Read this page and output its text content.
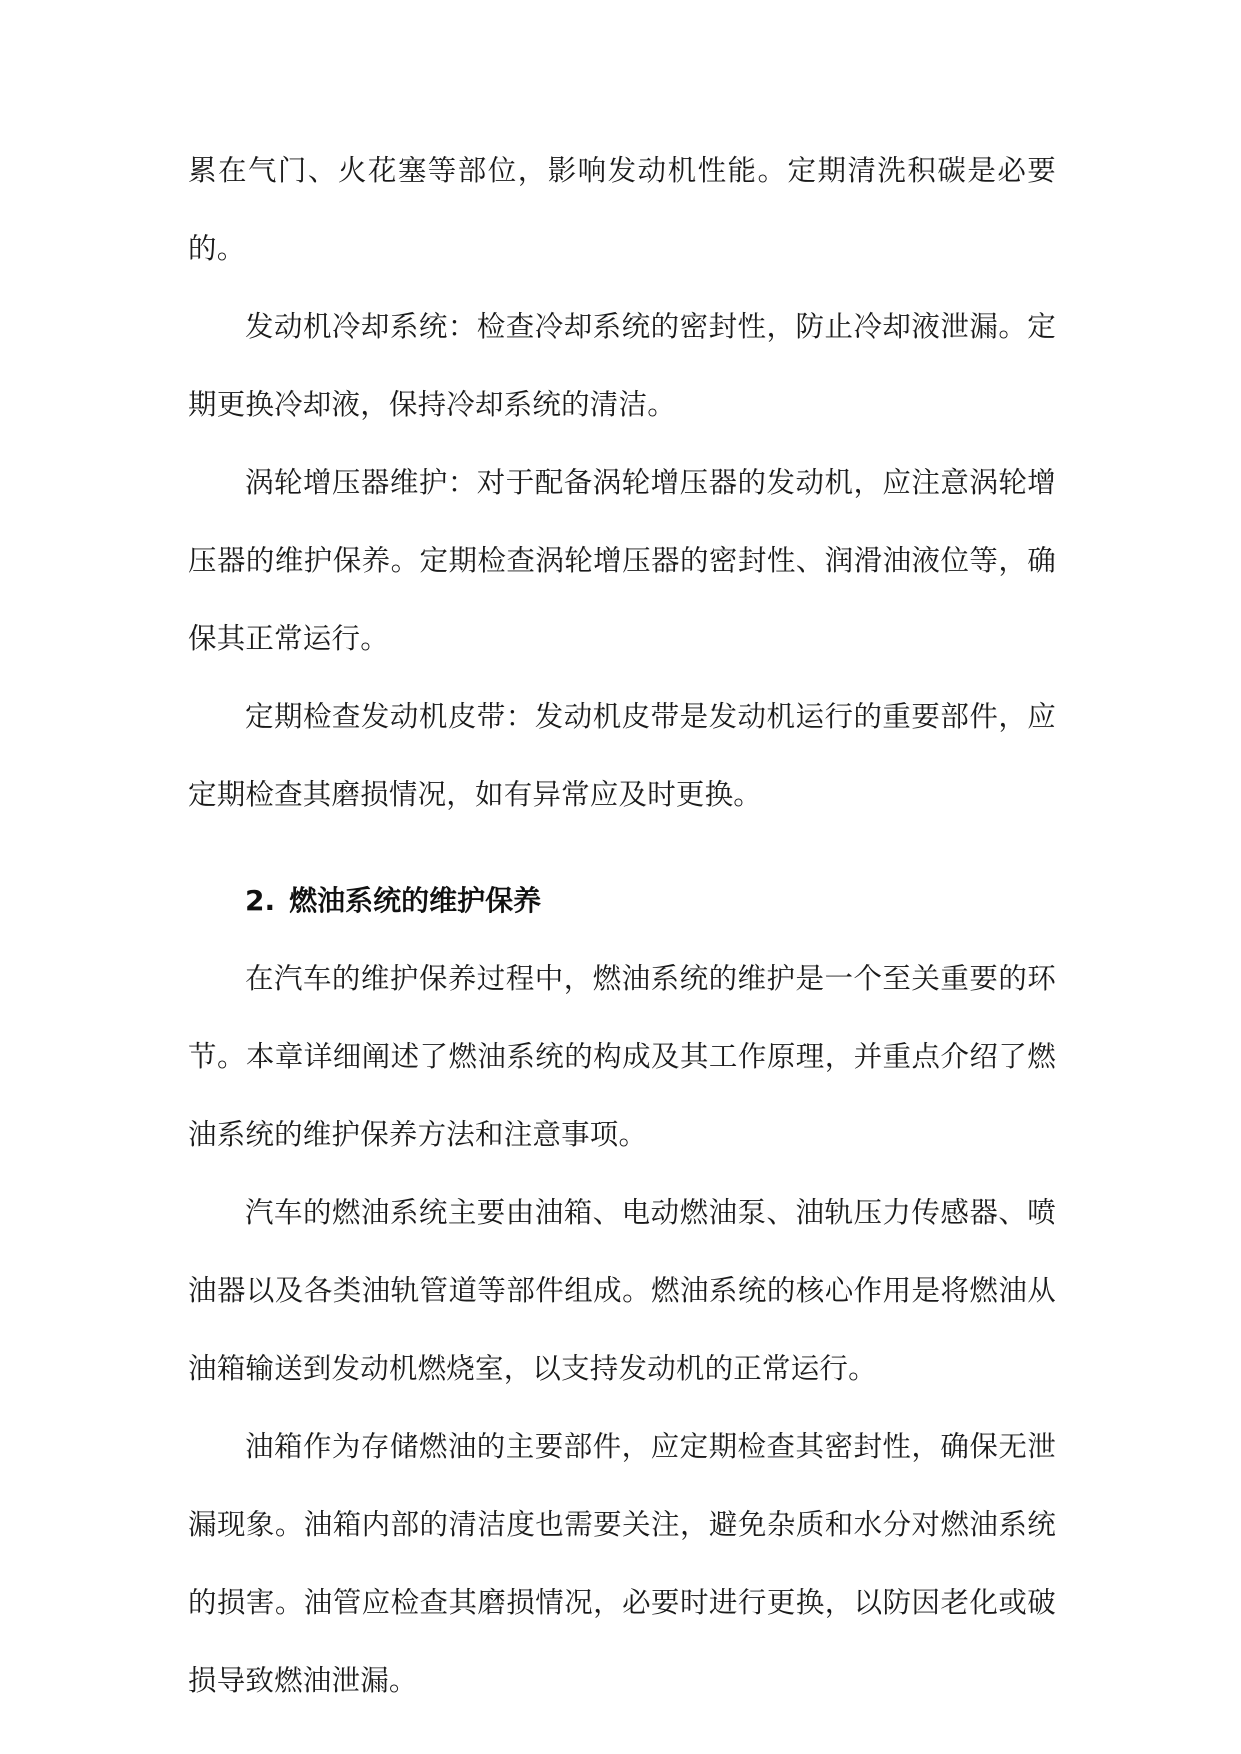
累在气门、火花塞等部位，影响发动机性能。定期清洗积碳是必要的。

发动机冷却系统：检查冷却系统的密封性，防止冷却液泄漏。定期更换冷却液，保持冷却系统的清洁。

涡轮增压器维护：对于配备涡轮增压器的发动机，应注意涡轮增压器的维护保养。定期检查涡轮增压器的密封性、润滑油液位等，确保其正常运行。

定期检查发动机皮带：发动机皮带是发动机运行的重要部件，应定期检查其磨损情况，如有异常应及时更换。

2. 燃油系统的维护保养

在汽车的维护保养过程中，燃油系统的维护是一个至关重要的环节。本章详细阐述了燃油系统的构成及其工作原理，并重点介绍了燃油系统的维护保养方法和注意事项。

汽车的燃油系统主要由油箱、电动燃油泵、油轨压力传感器、喷油器以及各类油轨管道等部件组成。燃油系统的核心作用是将燃油从油箱输送到发动机燃烧室，以支持发动机的正常运行。

油箱作为存储燃油的主要部件，应定期检查其密封性，确保无泄漏现象。油箱内部的清洁度也需要关注，避免杂质和水分对燃油系统的损害。油管应检查其磨损情况，必要时进行更换，以防因老化或破损导致燃油泄漏。
